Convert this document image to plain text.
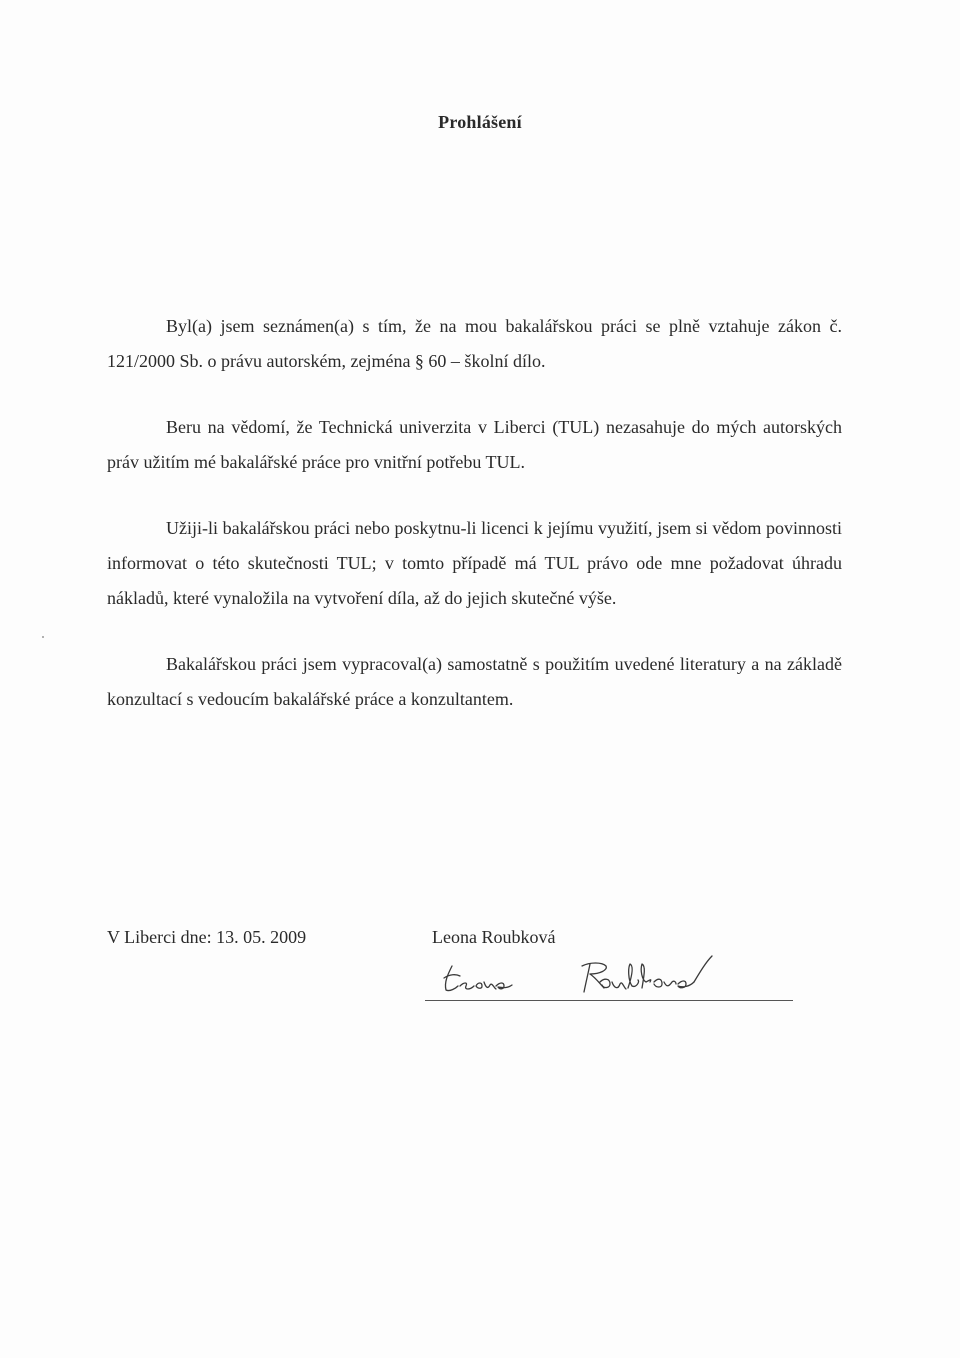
Prohlášení

Byl(a) jsem seznámen(a) s tím, že na mou bakalářskou práci se plně vztahuje zákon č. 121/2000 Sb. o právu autorském, zejména § 60 – školní dílo.

Beru na vědomí, že Technická univerzita v Liberci (TUL) nezasahuje do mých autorských práv užitím mé bakalářské práce pro vnitřní potřebu TUL.

Užiji-li bakalářskou práci nebo poskytnu-li licenci k jejímu využití, jsem si vědom povinnosti informovat o této skutečnosti TUL; v tomto případě má TUL právo ode mne požadovat úhradu nákladů, které vynaložila na vytvoření díla, až do jejich skutečné výše.

Bakalářskou práci jsem vypracoval(a) samostatně s použitím uvedené literatury a na základě konzultací s vedoucím bakalářské práce a konzultantem.

V Liberci dne: 13. 05. 2009	Leona Roubková
